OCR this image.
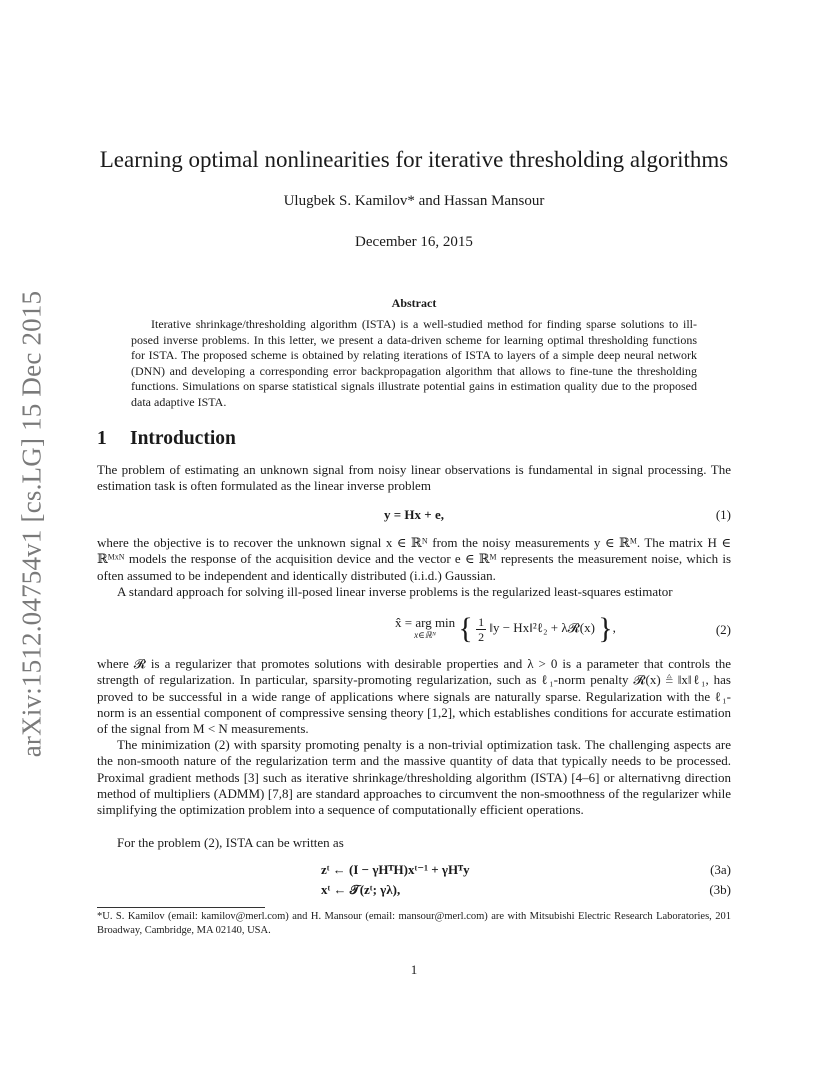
arXiv:1512.04754v1 [cs.LG] 15 Dec 2015
Learning optimal nonlinearities for iterative thresholding algorithms
Ulugbek S. Kamilov* and Hassan Mansour
December 16, 2015
Abstract
Iterative shrinkage/thresholding algorithm (ISTA) is a well-studied method for finding sparse solutions to ill-posed inverse problems. In this letter, we present a data-driven scheme for learning optimal thresholding functions for ISTA. The proposed scheme is obtained by relating iterations of ISTA to layers of a simple deep neural network (DNN) and developing a corresponding error backpropagation algorithm that allows to fine-tune the thresholding functions. Simulations on sparse statistical signals illustrate potential gains in estimation quality due to the proposed data adaptive ISTA.
1 Introduction
The problem of estimating an unknown signal from noisy linear observations is fundamental in signal processing. The estimation task is often formulated as the linear inverse problem
y = Hx + e,	(1)
where the objective is to recover the unknown signal x ∈ ℝᴺ from the noisy measurements y ∈ ℝᴹ. The matrix H ∈ ℝᴹˣᴺ models the response of the acquisition device and the vector e ∈ ℝᴹ represents the measurement noise, which is often assumed to be independent and identically distributed (i.i.d.) Gaussian.
A standard approach for solving ill-posed linear inverse problems is the regularized least-squares estimator
x̂ = arg min
x∈ℝᴺ { $\frac{1}{2}$ ‖y − Hx‖²ℓ₂ + λ𝓡(x) },	(2)
where 𝓡 is a regularizer that promotes solutions with desirable properties and λ > 0 is a parameter that controls the strength of regularization. In particular, sparsity-promoting regularization, such as ℓ₁-norm penalty 𝓡(x) ≜ ‖x‖ℓ₁, has proved to be successful in a wide range of applications where signals are naturally sparse. Regularization with the ℓ₁-norm is an essential component of compressive sensing theory [1,2], which establishes conditions for accurate estimation of the signal from M < N measurements.
The minimization (2) with sparsity promoting penalty is a non-trivial optimization task. The challenging aspects are the non-smooth nature of the regularization term and the massive quantity of data that typically needs to be processed. Proximal gradient methods [3] such as iterative shrinkage/thresholding algorithm (ISTA) [4–6] or alternativng direction method of multipliers (ADMM) [7,8] are standard approaches to circumvent the non-smoothness of the regularizer while simplifying the optimization problem into a sequence of computationally efficient operations.
For the problem (2), ISTA can be written as
zᵗ ← (I − γHᵀH)xᵗ⁻¹ + γHᵀy	(3a)
xᵗ ← 𝒯(zᵗ; γλ),	(3b)
*U. S. Kamilov (email: kamilov@merl.com) and H. Mansour (email: mansour@merl.com) are with Mitsubishi Electric Research Laboratories, 201 Broadway, Cambridge, MA 02140, USA.
1
